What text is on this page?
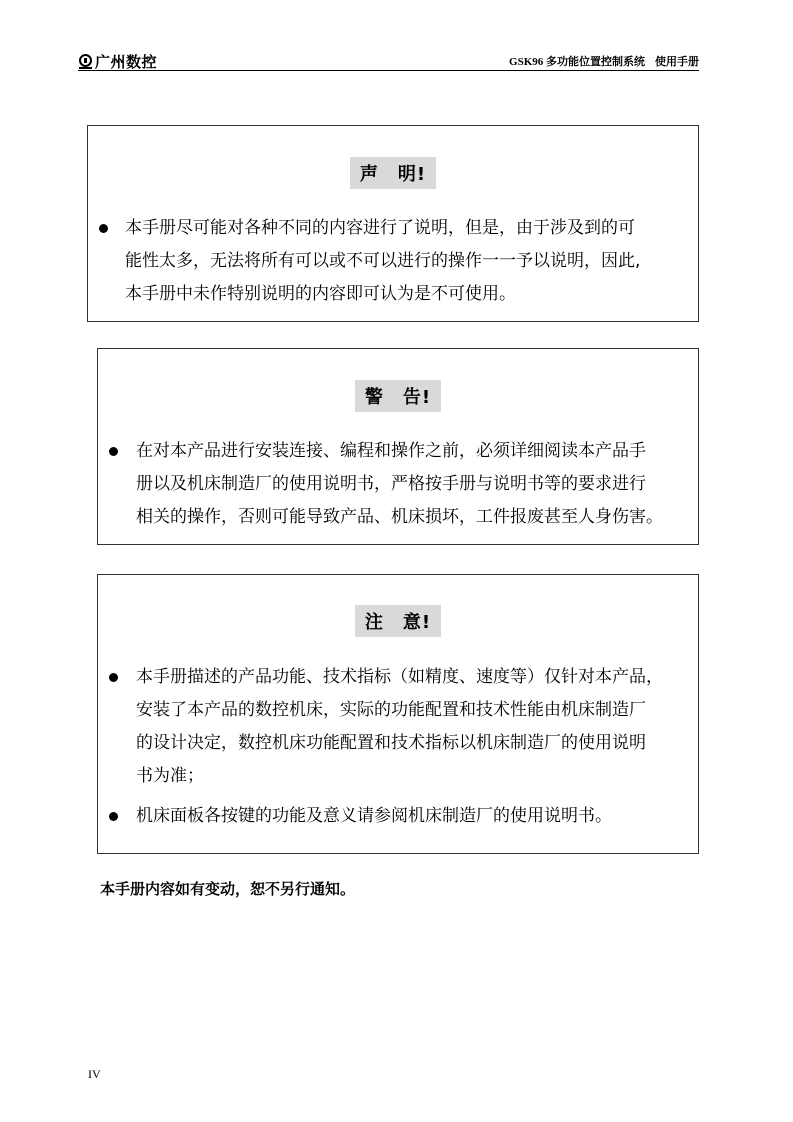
广州数控	GSK96 多功能位置控制系统 使用手册
声　明!
本手册尽可能对各种不同的内容进行了说明，但是，由于涉及到的可
能性太多，无法将所有可以或不可以进行的操作一一予以说明，因此,
本手册中未作特别说明的内容即可认为是不可使用。
警　告!
在对本产品进行安装连接、编程和操作之前，必须详细阅读本产品手
册以及机床制造厂的使用说明书，严格按手册与说明书等的要求进行
相关的操作，否则可能导致产品、机床损坏，工件报废甚至人身伤害。
注　意!
本手册描述的产品功能、技术指标（如精度、速度等）仅针对本产品，
安装了本产品的数控机床，实际的功能配置和技术性能由机床制造厂
的设计决定，数控机床功能配置和技术指标以机床制造厂的使用说明
书为准；
机床面板各按键的功能及意义请参阅机床制造厂的使用说明书。
本手册内容如有变动，恕不另行通知。
IV
